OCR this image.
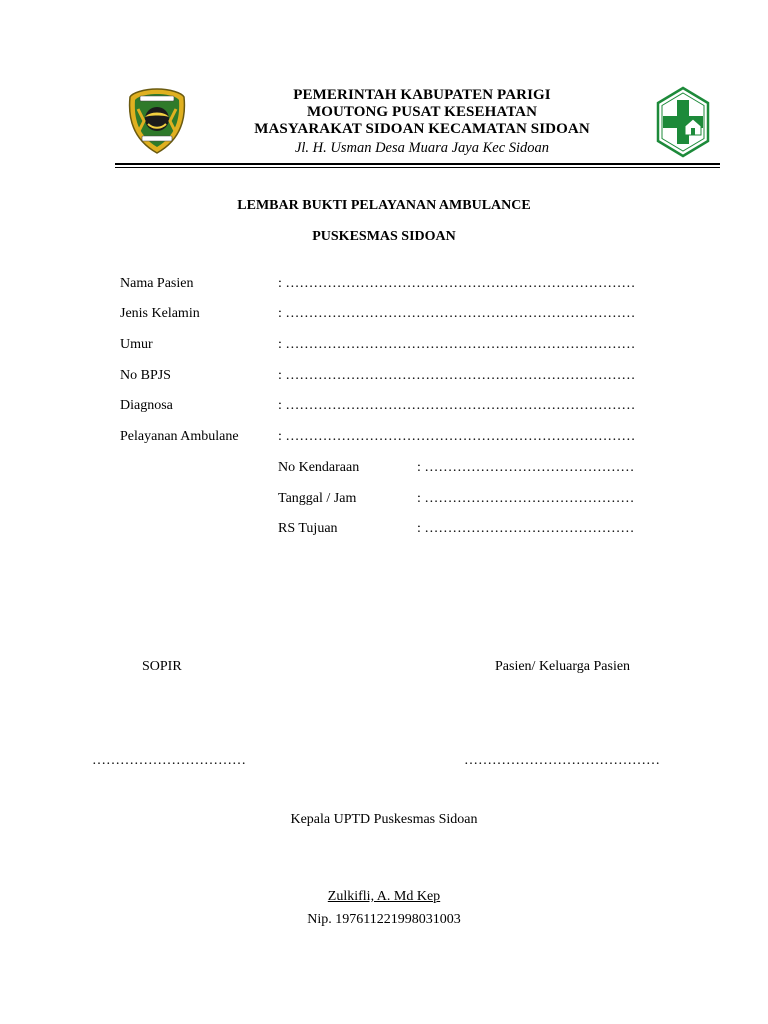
PEMERINTAH KABUPATEN PARIGI
MOUTONG PUSAT KESEHATAN
MASYARAKAT SIDOAN KECAMATAN SIDOAN
Jl. H. Usman Desa Muara Jaya Kec Sidoan
LEMBAR BUKTI PELAYANAN AMBULANCE
PUSKESMAS SIDOAN
Nama Pasien	: …………………………………………………………………
Jenis Kelamin	: …………………………………………………………………
Umur	: …………………………………………………………………
No BPJS	: …………………………………………………………………
Diagnosa	: …………………………………………………………………
Pelayanan Ambulane	: …………………………………………………………………
No Kendaraan	: ………………………………………
Tanggal / Jam	: ………………………………………
RS Tujuan	: ………………………………………
SOPIR	Pasien/ Keluarga Pasien
……………………………	……………………………………
Kepala UPTD Puskesmas Sidoan
Zulkifli, A. Md Kep
Nip. 197611221998031003
